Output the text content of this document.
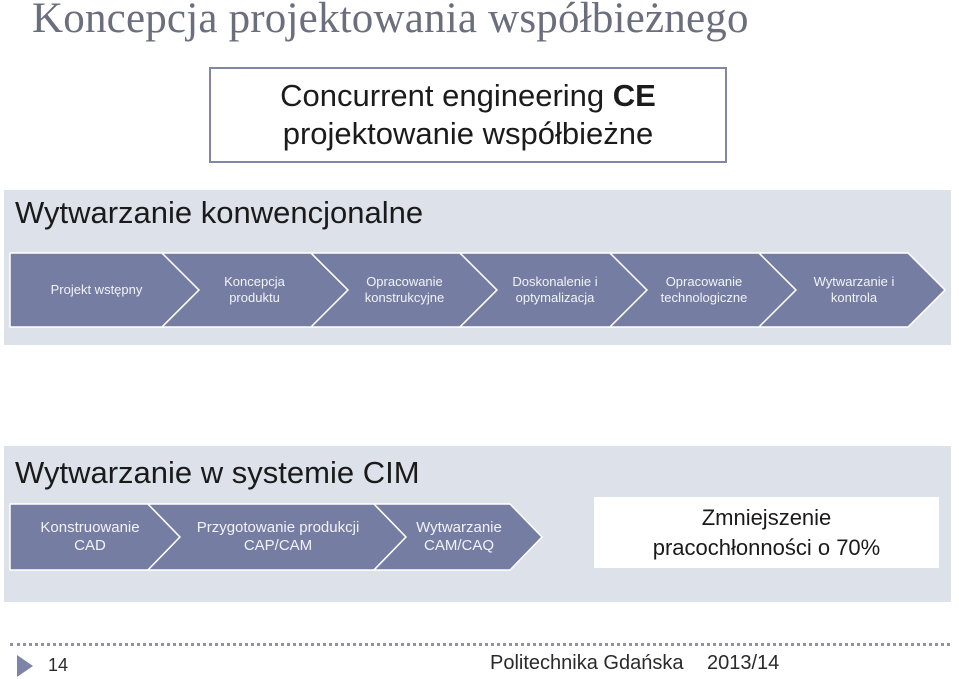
Koncepcja projektowania współbieżnego
Concurrent engineering CE
projektowanie współbieżne
Wytwarzanie konwencjonalne
Projekt wstępny
Koncepcja
produktu
Opracowanie
konstrukcyjne
Doskonalenie i
optymalizacja
Opracowanie
technologiczne
Wytwarzanie i
kontrola
Wytwarzanie w systemie CIM
Konstruowanie
CAD
Przygotowanie produkcji
CAP/CAM
Wytwarzanie
CAM/CAQ
Zmniejszenie
pracochłonności o 70%
14	Politechnika Gdańska 2013/14
